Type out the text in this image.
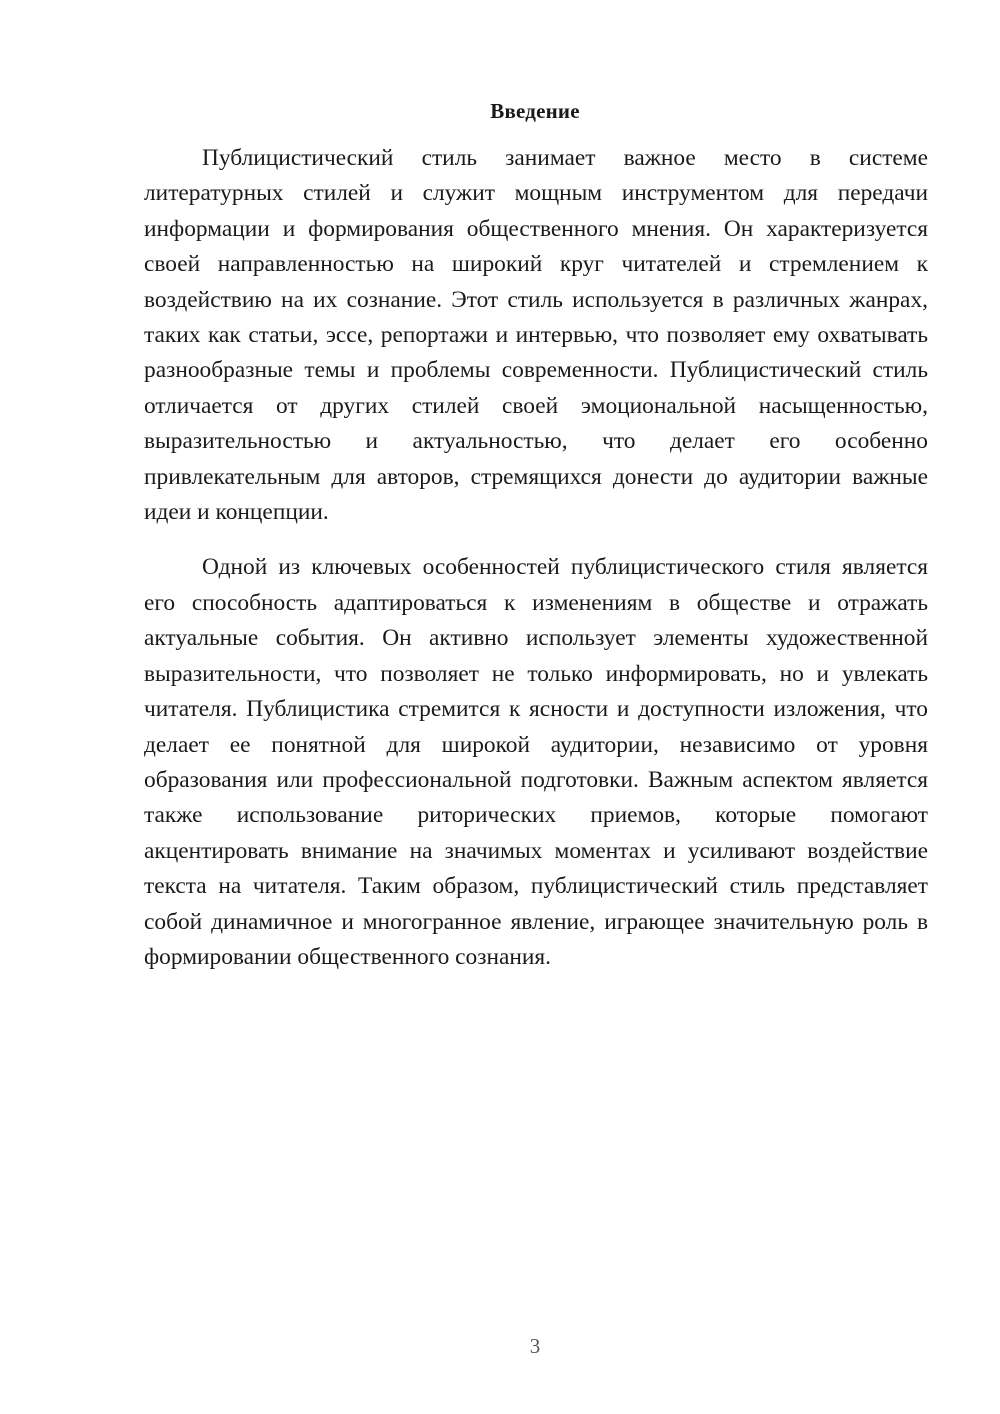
Введение

Публицистический стиль занимает важное место в системе литературных стилей и служит мощным инструментом для передачи информации и формирования общественного мнения. Он характеризуется своей направленностью на широкий круг читателей и стремлением к воздействию на их сознание. Этот стиль используется в различных жанрах, таких как статьи, эссе, репортажи и интервью, что позволяет ему охватывать разнообразные темы и проблемы современности. Публицистический стиль отличается от других стилей своей эмоциональной насыщенностью, выразительностью и актуальностью, что делает его особенно привлекательным для авторов, стремящихся донести до аудитории важные идеи и концепции.

Одной из ключевых особенностей публицистического стиля является его способность адаптироваться к изменениям в обществе и отражать актуальные события. Он активно использует элементы художественной выразительности, что позволяет не только информировать, но и увлекать читателя. Публицистика стремится к ясности и доступности изложения, что делает ее понятной для широкой аудитории, независимо от уровня образования или профессиональной подготовки. Важным аспектом является также использование риторических приемов, которые помогают акцентировать внимание на значимых моментах и усиливают воздействие текста на читателя. Таким образом, публицистический стиль представляет собой динамичное и многогранное явление, играющее значительную роль в формировании общественного сознания.

3
